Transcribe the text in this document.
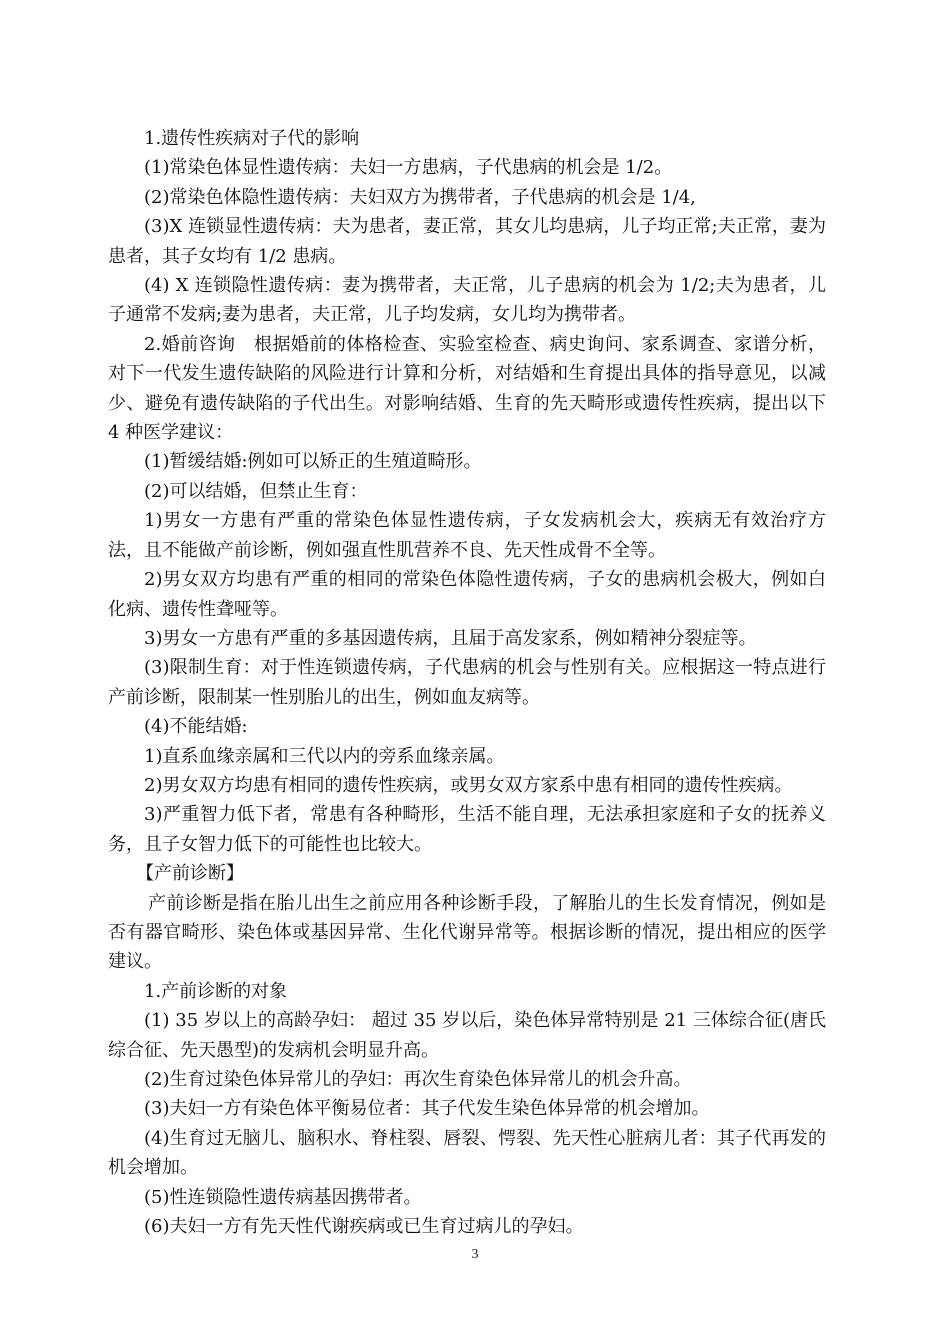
1.遗传性疾病对子代的影响

(1)常染色体显性遗传病：夫妇一方患病，子代患病的机会是 1/2。

(2)常染色体隐性遗传病：夫妇双方为携带者，子代患病的机会是 1/4,

(3)X 连锁显性遗传病：夫为患者，妻正常，其女儿均患病，儿子均正常;夫正常，妻为患者，其子女均有 1/2 患病。

(4) X 连锁隐性遗传病：妻为携带者，夫正常，儿子患病的机会为 1/2;夫为患者，儿子通常不发病;妻为患者，夫正常，儿子均发病，女儿均为携带者。

2.婚前咨询　根据婚前的体格检查、实验室检查、病史询问、家系调查、家谱分析，对下一代发生遗传缺陷的风险进行计算和分析，对结婚和生育提出具体的指导意见，以减少、避免有遗传缺陷的子代出生。对影响结婚、生育的先天畸形或遗传性疾病，提出以下 4 种医学建议：

(1)暂缓结婚:例如可以矫正的生殖道畸形。

(2)可以结婚，但禁止生育：

1)男女一方患有严重的常染色体显性遗传病，子女发病机会大，疾病无有效治疗方法，且不能做产前诊断，例如强直性肌营养不良、先天性成骨不全等。

2)男女双方均患有严重的相同的常染色体隐性遗传病，子女的患病机会极大，例如白化病、遗传性聋哑等。

3)男女一方患有严重的多基因遗传病，且届于高发家系，例如精神分裂症等。

(3)限制生育：对于性连锁遗传病，子代患病的机会与性别有关。应根据这一特点进行产前诊断，限制某一性别胎儿的出生，例如血友病等。

(4)不能结婚:

1)直系血缘亲属和三代以内的旁系血缘亲属。

2)男女双方均患有相同的遗传性疾病，或男女双方家系中患有相同的遗传性疾病。

3)严重智力低下者，常患有各种畸形，生活不能自理，无法承担家庭和子女的抚养义务，且子女智力低下的可能性也比较大。

【产前诊断】

产前诊断是指在胎儿出生之前应用各种诊断手段，了解胎儿的生长发育情况，例如是否有器官畸形、染色体或基因异常、生化代谢异常等。根据诊断的情况，提出相应的医学建议。

1.产前诊断的对象

(1) 35 岁以上的高龄孕妇： 超过 35 岁以后，染色体异常特别是 21 三体综合征(唐氏综合征、先天愚型)的发病机会明显升高。

(2)生育过染色体异常儿的孕妇：再次生育染色体异常儿的机会升高。

(3)夫妇一方有染色体平衡易位者：其子代发生染色体异常的机会增加。

(4)生育过无脑儿、脑积水、脊柱裂、唇裂、愕裂、先天性心脏病儿者：其子代再发的机会增加。

(5)性连锁隐性遗传病基因携带者。

(6)夫妇一方有先天性代谢疾病或已生育过病儿的孕妇。

3
